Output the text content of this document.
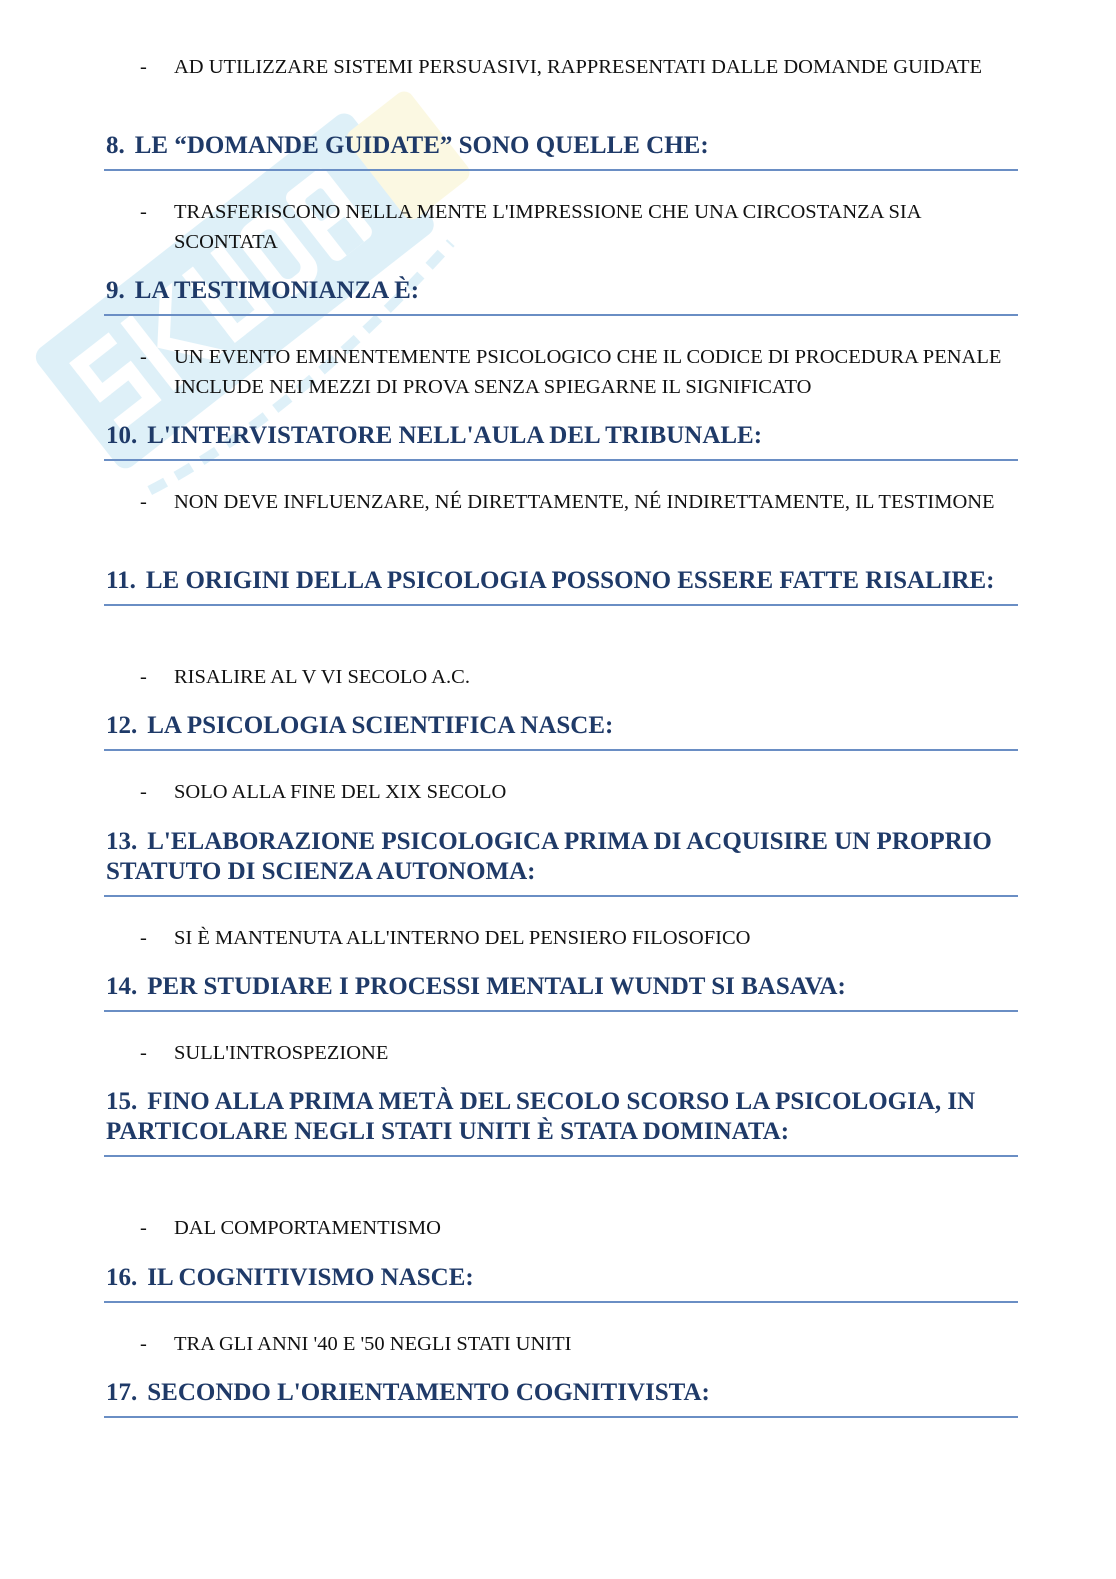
-	AD UTILIZZARE SISTEMI PERSUASIVI, RAPPRESENTATI DALLE DOMANDE GUIDATE
8. LE “DOMANDE GUIDATE” SONO QUELLE CHE:
-	TRASFERISCONO NELLA MENTE L'IMPRESSIONE CHE UNA CIRCOSTANZA SIA SCONTATA
9. LA TESTIMONIANZA È:
-	UN EVENTO EMINENTEMENTE PSICOLOGICO CHE IL CODICE DI PROCEDURA PENALE INCLUDE NEI MEZZI DI PROVA SENZA SPIEGARNE IL SIGNIFICATO
10. L'INTERVISTATORE NELL'AULA DEL TRIBUNALE:
-	NON DEVE INFLUENZARE, NÉ DIRETTAMENTE, NÉ INDIRETTAMENTE, IL TESTIMONE
11. LE ORIGINI DELLA PSICOLOGIA POSSONO ESSERE FATTE RISALIRE:
-	RISALIRE AL V VI SECOLO A.C.
12. LA PSICOLOGIA SCIENTIFICA NASCE:
-	SOLO ALLA FINE DEL XIX SECOLO
13. L'ELABORAZIONE PSICOLOGICA PRIMA DI ACQUISIRE UN PROPRIO STATUTO DI SCIENZA AUTONOMA:
-	SI È MANTENUTA ALL'INTERNO DEL PENSIERO FILOSOFICO
14. PER STUDIARE I PROCESSI MENTALI WUNDT SI BASAVA:
-	SULL'INTROSPEZIONE
15. FINO ALLA PRIMA METÀ DEL SECOLO SCORSO LA PSICOLOGIA, IN PARTICOLARE NEGLI STATI UNITI È STATA DOMINATA:
-	DAL COMPORTAMENTISMO
16. IL COGNITIVISMO NASCE:
-	TRA GLI ANNI '40 E '50 NEGLI STATI UNITI
17. SECONDO L'ORIENTAMENTO COGNITIVISTA:
